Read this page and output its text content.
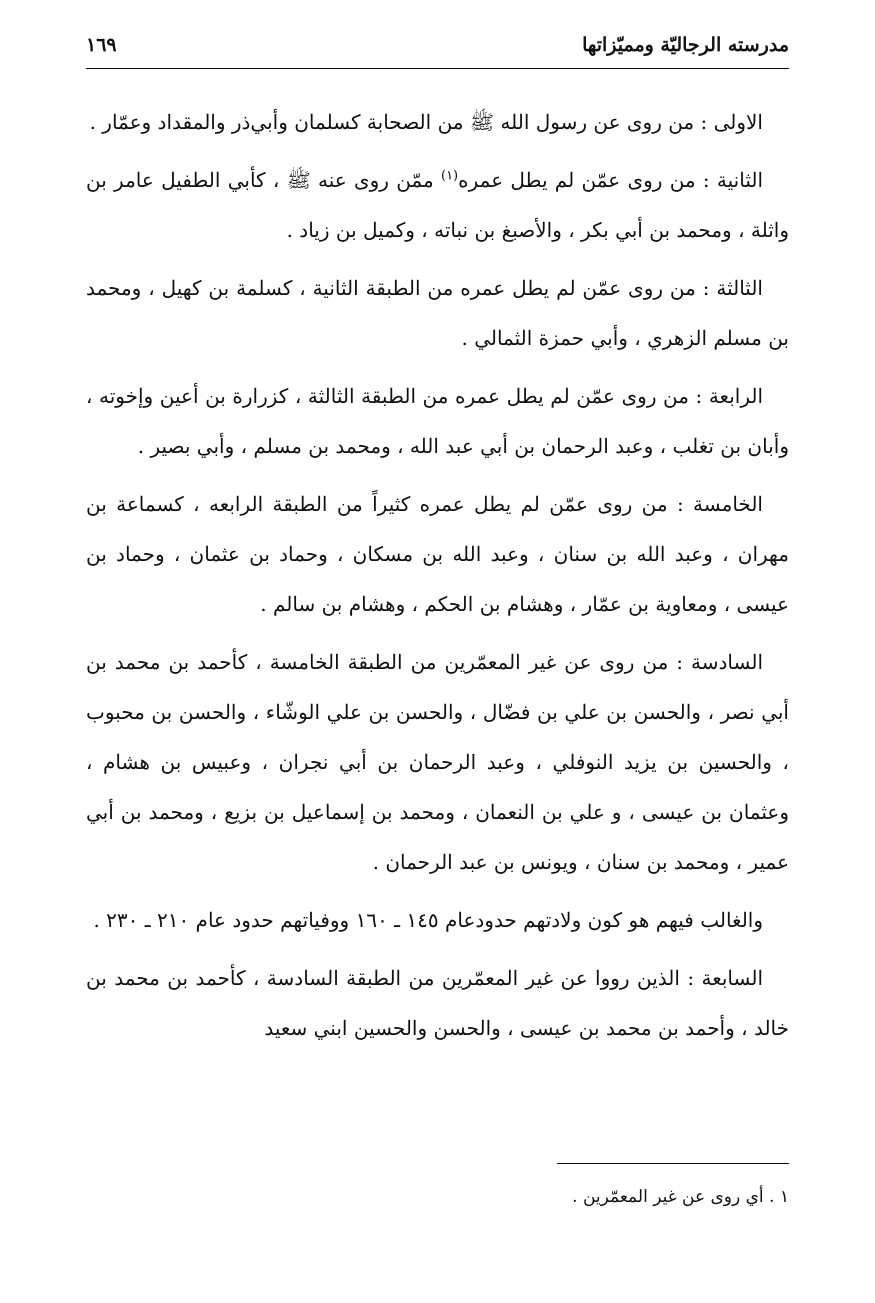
مدرسته الرجاليّة ومميّزاتها
١٦٩

الاولى : من روى عن رسول الله ﷺ من الصحابة كسلمان وأبي‌ذر والمقداد وعمّار .

الثانية : من روى عمّن لم يطل عمره$^{(١)}$ ممّن روى عنه ﷺ ، كأبي الطفيل عامر بن واثلة ، ومحمد بن أبي بكر ، والأصبغ بن نباته ، وكميل بن زياد .

الثالثة : من روى عمّن لم يطل عمره من الطبقة الثانية ، كسلمة بن كهيل ، ومحمد بن مسلم الزهري ، وأبي حمزة الثمالي .

الرابعة : من روى عمّن لم يطل عمره من الطبقة الثالثة ، كزرارة بن أعين وإخوته ، وأبان بن تغلب ، وعبد الرحمان بن أبي عبد الله ، ومحمد بن مسلم ، وأبي بصير .

الخامسة : من روى عمّن لم يطل عمره كثيراً من الطبقة الرابعه ، كسماعة بن مهران ، وعبد الله بن سنان ، وعبد الله بن مسكان ، وحماد بن عثمان ، وحماد بن عيسى ، ومعاوية بن عمّار ، وهشام بن الحكم ، وهشام بن سالم .

السادسة : من روى عن غير المعمّرين من الطبقة الخامسة ، كأحمد بن محمد بن أبي نصر ، والحسن بن علي بن فضّال ، والحسن بن علي الوشّاء ، والحسن بن محبوب ، والحسين بن يزيد النوفلي ، وعبد الرحمان بن أبي نجران ، وعبيس بن هشام ، وعثمان بن عيسى ، و علي بن النعمان ، ومحمد بن إسماعيل بن بزيع ، ومحمد بن أبي عمير ، ومحمد بن سنان ، ويونس بن عبد الرحمان .

والغالب فيهم هو كون ولادتهم حدودعام ١٤٥ ـ ١٦٠ ووفياتهم حدود عام ٢١٠ ـ ٢٣٠ .

السابعة : الذين رووا عن غير المعمّرين من الطبقة السادسة ، كأحمد بن محمد بن خالد ، وأحمد بن محمد بن عيسى ، والحسن والحسين ابني سعيد

١ . أي روى عن غير المعمّرين .
